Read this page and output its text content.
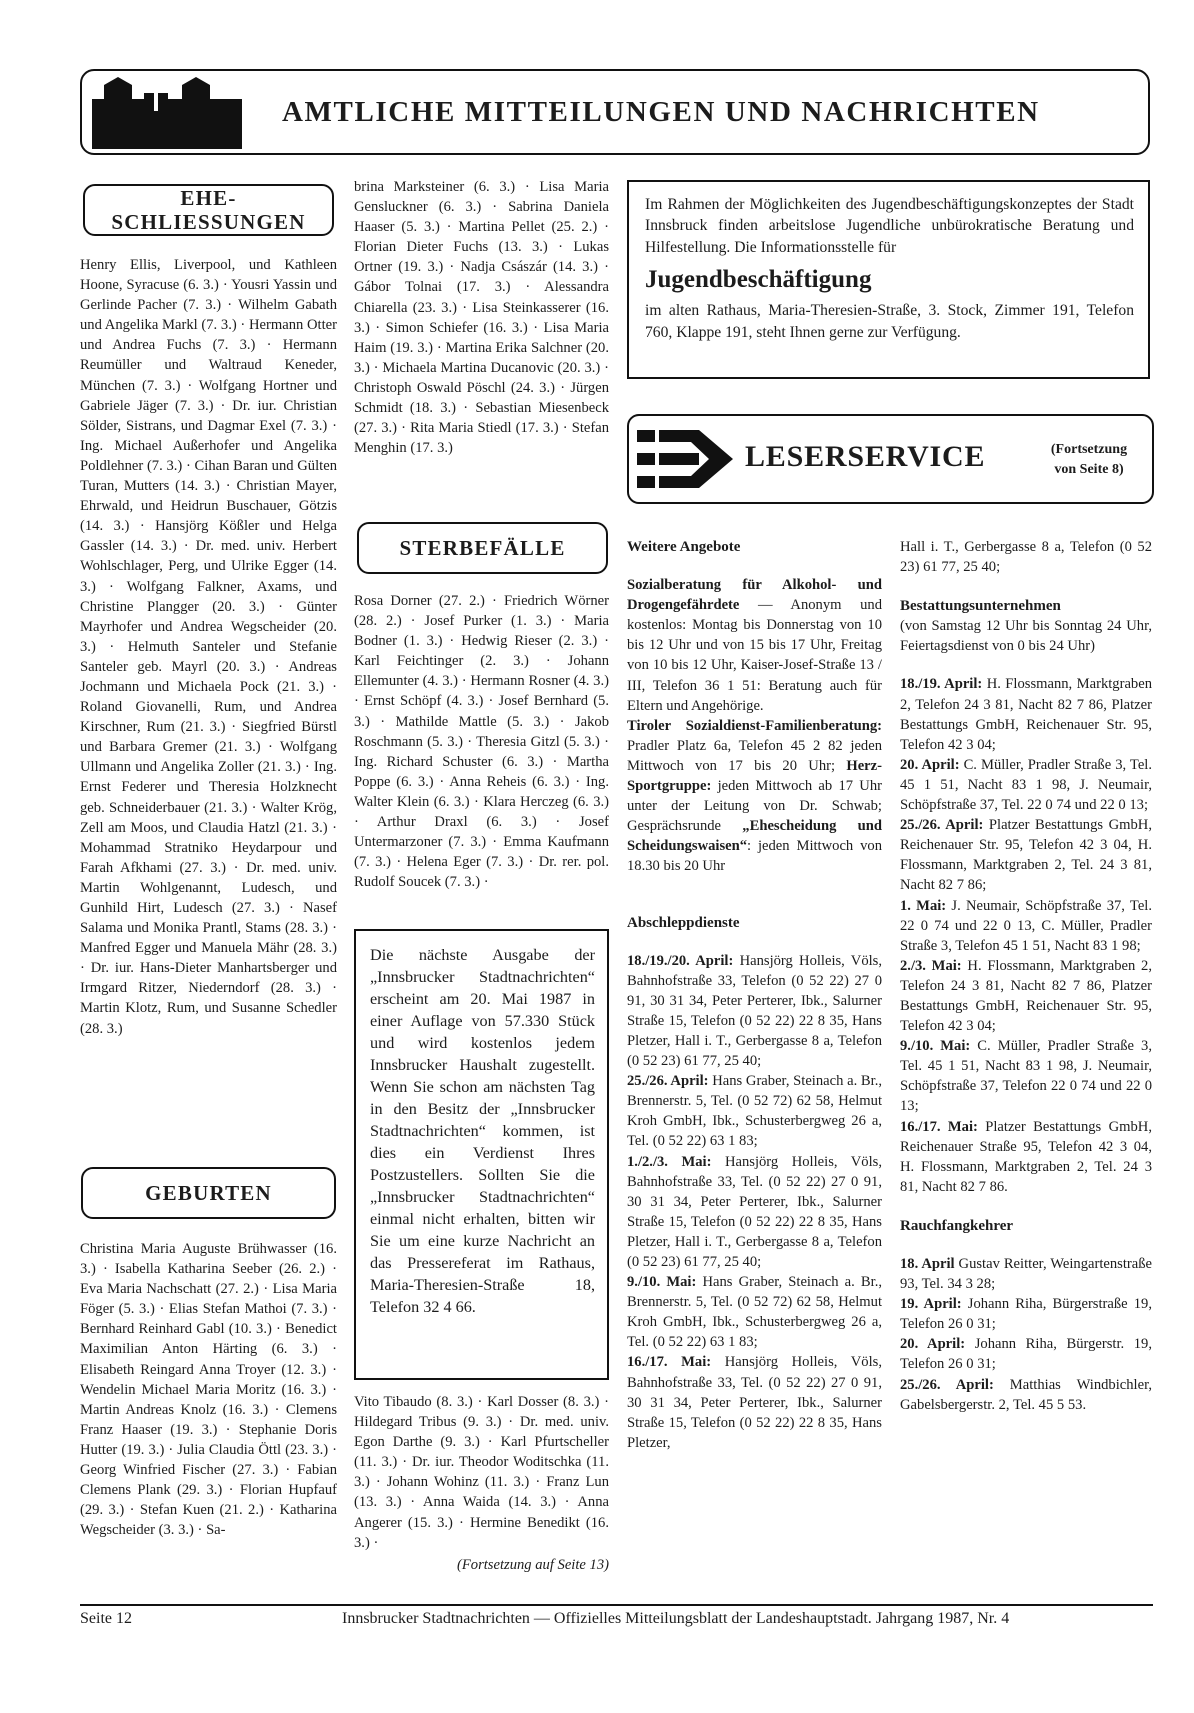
AMTLICHE MITTEILUNGEN UND NACHRICHTEN
EHE-
SCHLIESSUNGEN
Henry Ellis, Liverpool, und Kathleen Hoone, Syracuse (6. 3.) · Yousri Yassin und Gerlinde Pacher (7. 3.) · Wilhelm Gabath und Angelika Markl (7. 3.) · Hermann Otter und Andrea Fuchs (7. 3.) · Hermann Reumüller und Waltraud Keneder, München (7. 3.) · Wolfgang Hortner und Gabriele Jäger (7. 3.) · Dr. iur. Christian Sölder, Sistrans, und Dagmar Exel (7. 3.) · Ing. Michael Außerhofer und Angelika Poldlehner (7. 3.) · Cihan Baran und Gülten Turan, Mutters (14. 3.) · Christian Mayer, Ehrwald, und Heidrun Buschauer, Götzis (14. 3.) · Hansjörg Kößler und Helga Gassler (14. 3.) · Dr. med. univ. Herbert Wohlschlager, Perg, und Ulrike Egger (14. 3.) · Wolfgang Falkner, Axams, und Christine Plangger (20. 3.) · Günter Mayrhofer und Andrea Wegscheider (20. 3.) · Helmuth Santeler und Stefanie Santeler geb. Mayrl (20. 3.) · Andreas Jochmann und Michaela Pock (21. 3.) · Roland Giovanelli, Rum, und Andrea Kirschner, Rum (21. 3.) · Siegfried Bürstl und Barbara Gremer (21. 3.) · Wolfgang Ullmann und Angelika Zoller (21. 3.) · Ing. Ernst Federer und Theresia Holzknecht geb. Schneiderbauer (21. 3.) · Walter Krög, Zell am Moos, und Claudia Hatzl (21. 3.) · Mohammad Stratniko Heydarpour und Farah Afkhami (27. 3.) · Dr. med. univ. Martin Wohlgenannt, Ludesch, und Gunhild Hirt, Ludesch (27. 3.) · Nasef Salama und Monika Prantl, Stams (28. 3.) · Manfred Egger und Manuela Mähr (28. 3.) · Dr. iur. Hans-Dieter Manhartsberger und Irmgard Ritzer, Niederndorf (28. 3.) · Martin Klotz, Rum, und Susanne Schedler (28. 3.)
GEBURTEN
Christina Maria Auguste Brühwasser (16. 3.) · Isabella Katharina Seeber (26. 2.) · Eva Maria Nachschatt (27. 2.) · Lisa Maria Föger (5. 3.) · Elias Stefan Mathoi (7. 3.) · Bernhard Reinhard Gabl (10. 3.) · Benedict Maximilian Anton Härting (6. 3.) · Elisabeth Reingard Anna Troyer (12. 3.) · Wendelin Michael Maria Moritz (16. 3.) · Martin Andreas Knolz (16. 3.) · Clemens Franz Haaser (19. 3.) · Stephanie Doris Hutter (19. 3.) · Julia Claudia Öttl (23. 3.) · Georg Winfried Fischer (27. 3.) · Fabian Clemens Plank (29. 3.) · Florian Hupfauf (29. 3.) · Stefan Kuen (21. 2.) · Katharina Wegscheider (3. 3.) · Sa-
brina Marksteiner (6. 3.) · Lisa Maria Gensluckner (6. 3.) · Sabrina Daniela Haaser (5. 3.) · Martina Pellet (25. 2.) · Florian Dieter Fuchs (13. 3.) · Lukas Ortner (19. 3.) · Nadja Császár (14. 3.) · Gábor Tolnai (17. 3.) · Alessandra Chiarella (23. 3.) · Lisa Steinkasserer (16. 3.) · Simon Schiefer (16. 3.) · Lisa Maria Haim (19. 3.) · Martina Erika Salchner (20. 3.) · Michaela Martina Ducanovic (20. 3.) · Christoph Oswald Pöschl (24. 3.) · Jürgen Schmidt (18. 3.) · Sebastian Miesenbeck (27. 3.) · Rita Maria Stiedl (17. 3.) · Stefan Menghin (17. 3.)
STERBEFÄLLE
Rosa Dorner (27. 2.) · Friedrich Wörner (28. 2.) · Josef Purker (1. 3.) · Maria Bodner (1. 3.) · Hedwig Rieser (2. 3.) · Karl Feichtinger (2. 3.) · Johann Ellemunter (4. 3.) · Hermann Rosner (4. 3.) · Ernst Schöpf (4. 3.) · Josef Bernhard (5. 3.) · Mathilde Mattle (5. 3.) · Jakob Roschmann (5. 3.) · Theresia Gitzl (5. 3.) · Ing. Richard Schuster (6. 3.) · Martha Poppe (6. 3.) · Anna Reheis (6. 3.) · Ing. Walter Klein (6. 3.) · Klara Herczeg (6. 3.) · Arthur Draxl (6. 3.) · Josef Untermarzoner (7. 3.) · Emma Kaufmann (7. 3.) · Helena Eger (7. 3.) · Dr. rer. pol. Rudolf Soucek (7. 3.) ·
Die nächste Ausgabe der „Innsbrucker Stadtnachrichten“ erscheint am 20. Mai 1987 in einer Auflage von 57.330 Stück und wird kostenlos jedem Innsbrucker Haushalt zugestellt. Wenn Sie schon am nächsten Tag in den Besitz der „Innsbrucker Stadtnachrichten“ kommen, ist dies ein Verdienst Ihres Postzustellers. Sollten Sie die „Innsbrucker Stadtnachrichten“ einmal nicht erhalten, bitten wir Sie um eine kurze Nachricht an das Pressereferat im Rathaus, Maria-Theresien-Straße 18, Telefon 32 4 66.
Vito Tibaudo (8. 3.) · Karl Dosser (8. 3.) · Hildegard Tribus (9. 3.) · Dr. med. univ. Egon Darthe (9. 3.) · Karl Pfurtscheller (11. 3.) · Dr. iur. Theodor Woditschka (11. 3.) · Johann Wohinz (11. 3.) · Franz Lun (13. 3.) · Anna Waida (14. 3.) · Anna Angerer (15. 3.) · Hermine Benedikt (16. 3.) ·
(Fortsetzung auf Seite 13)
Im Rahmen der Möglichkeiten des Jugendbeschäftigungskonzeptes der Stadt Innsbruck finden arbeitslose Jugendliche unbürokratische Beratung und Hilfestellung. Die Informationsstelle für
Jugendbeschäftigung
im alten Rathaus, Maria-Theresien-Straße, 3. Stock, Zimmer 191, Telefon 760, Klappe 191, steht Ihnen gerne zur Verfügung.
LESERSERVICE	(Fortsetzung
von Seite 8)

Weitere Angebote

Sozialberatung für Alkohol- und Drogengefährdete — Anonym und kostenlos: Montag bis Donnerstag von 10 bis 12 Uhr und von 15 bis 17 Uhr, Freitag von 10 bis 12 Uhr, Kaiser-Josef-Straße 13 / III, Telefon 36 1 51: Beratung auch für Eltern und Angehörige.

Tiroler Sozialdienst-Familienberatung: Pradler Platz 6a, Telefon 45 2 82 jeden Mittwoch von 17 bis 20 Uhr; Herz-Sportgruppe: jeden Mittwoch ab 17 Uhr unter der Leitung von Dr. Schwab; Gesprächsrunde „Ehescheidung und Scheidungswaisen“: jeden Mittwoch von 18.30 bis 20 Uhr

Abschleppdienste

18./19./20. April: Hansjörg Holleis, Völs, Bahnhofstraße 33, Telefon (0 52 22) 27 0 91, 30 31 34, Peter Perterer, Ibk., Salurner Straße 15, Telefon (0 52 22) 22 8 35, Hans Pletzer, Hall i. T., Gerbergasse 8 a, Telefon (0 52 23) 61 77, 25 40;

25./26. April: Hans Graber, Steinach a. Br., Brennerstr. 5, Tel. (0 52 72) 62 58, Helmut Kroh GmbH, Ibk., Schusterbergweg 26 a, Tel. (0 52 22) 63 1 83;

1./2./3. Mai: Hansjörg Holleis, Völs, Bahnhofstraße 33, Tel. (0 52 22) 27 0 91, 30 31 34, Peter Perterer, Ibk., Salurner Straße 15, Telefon (0 52 22) 22 8 35, Hans Pletzer, Hall i. T., Gerbergasse 8 a, Telefon (0 52 23) 61 77, 25 40;

9./10. Mai: Hans Graber, Steinach a. Br., Brennerstr. 5, Tel. (0 52 72) 62 58, Helmut Kroh GmbH, Ibk., Schusterbergweg 26 a, Tel. (0 52 22) 63 1 83;

16./17. Mai: Hansjörg Holleis, Völs, Bahnhofstraße 33, Tel. (0 52 22) 27 0 91, 30 31 34, Peter Perterer, Ibk., Salurner Straße 15, Telefon (0 52 22) 22 8 35, Hans Pletzer,

Hall i. T., Gerbergasse 8 a, Telefon (0 52 23) 61 77, 25 40;

Bestattungsunternehmen

(von Samstag 12 Uhr bis Sonntag 24 Uhr, Feiertagsdienst von 0 bis 24 Uhr)

18./19. April: H. Flossmann, Marktgraben 2, Telefon 24 3 81, Nacht 82 7 86, Platzer Bestattungs GmbH, Reichenauer Str. 95, Telefon 42 3 04;

20. April: C. Müller, Pradler Straße 3, Tel. 45 1 51, Nacht 83 1 98, J. Neumair, Schöpfstraße 37, Tel. 22 0 74 und 22 0 13;

25./26. April: Platzer Bestattungs GmbH, Reichenauer Str. 95, Telefon 42 3 04, H. Flossmann, Marktgraben 2, Tel. 24 3 81, Nacht 82 7 86;

1. Mai: J. Neumair, Schöpfstraße 37, Tel. 22 0 74 und 22 0 13, C. Müller, Pradler Straße 3, Telefon 45 1 51, Nacht 83 1 98;

2./3. Mai: H. Flossmann, Marktgraben 2, Telefon 24 3 81, Nacht 82 7 86, Platzer Bestattungs GmbH, Reichenauer Str. 95, Telefon 42 3 04;

9./10. Mai: C. Müller, Pradler Straße 3, Tel. 45 1 51, Nacht 83 1 98, J. Neumair, Schöpfstraße 37, Telefon 22 0 74 und 22 0 13;

16./17. Mai: Platzer Bestattungs GmbH, Reichenauer Straße 95, Telefon 42 3 04, H. Flossmann, Marktgraben 2, Tel. 24 3 81, Nacht 82 7 86.

Rauchfangkehrer

18. April Gustav Reitter, Weingartenstraße 93, Tel. 34 3 28;

19. April: Johann Riha, Bürgerstraße 19, Telefon 26 0 31;

20. April: Johann Riha, Bürgerstr. 19, Telefon 26 0 31;

25./26. April: Matthias Windbichler, Gabelsbergerstr. 2, Tel. 45 5 53.

Seite 12	Innsbrucker Stadtnachrichten — Offizielles Mitteilungsblatt der Landeshauptstadt. Jahrgang 1987, Nr. 4
